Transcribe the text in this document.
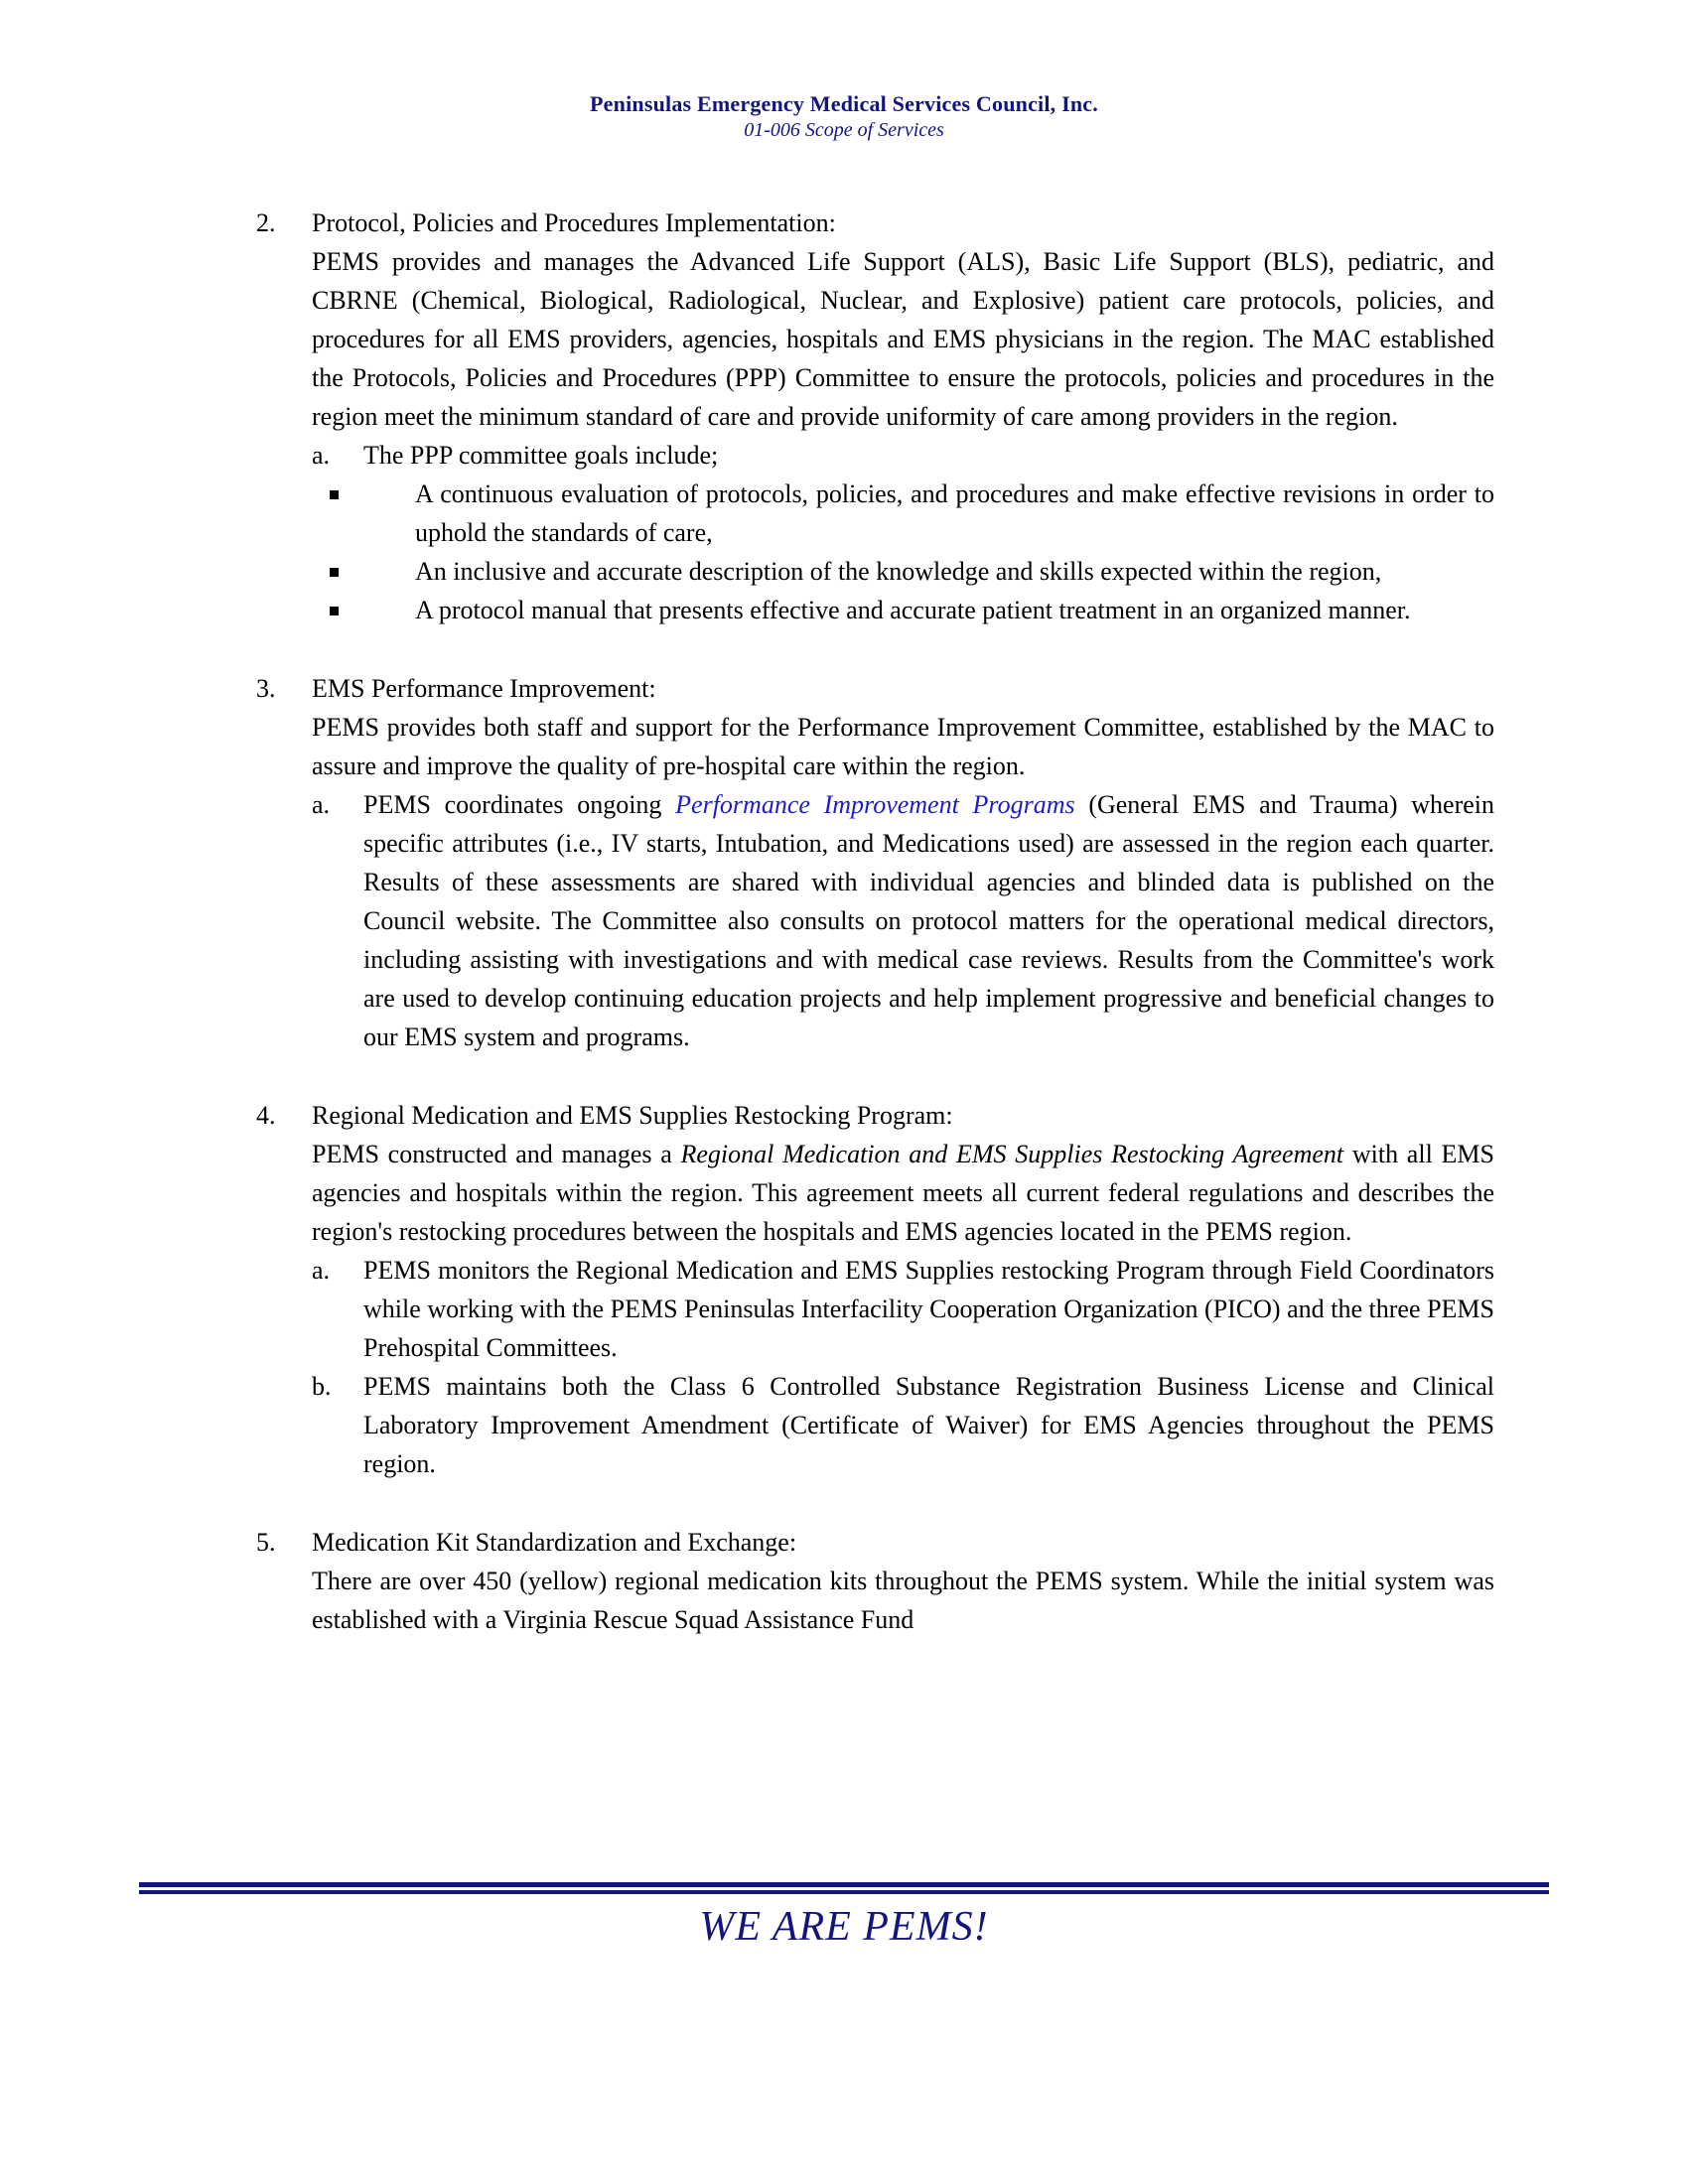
Peninsulas Emergency Medical Services Council, Inc.
01-006 Scope of Services
2.	Protocol, Policies and Procedures Implementation:
PEMS provides and manages the Advanced Life Support (ALS), Basic Life Support (BLS), pediatric, and CBRNE (Chemical, Biological, Radiological, Nuclear, and Explosive) patient care protocols, policies, and procedures for all EMS providers, agencies, hospitals and EMS physicians in the region. The MAC established the Protocols, Policies and Procedures (PPP) Committee to ensure the protocols, policies and procedures in the region meet the minimum standard of care and provide uniformity of care among providers in the region.
a.	The PPP committee goals include;
A continuous evaluation of protocols, policies, and procedures and make effective revisions in order to uphold the standards of care,
An inclusive and accurate description of the knowledge and skills expected within the region,
A protocol manual that presents effective and accurate patient treatment in an organized manner.
3.	EMS Performance Improvement:
PEMS provides both staff and support for the Performance Improvement Committee, established by the MAC to assure and improve the quality of pre-hospital care within the region.
a.	PEMS coordinates ongoing Performance Improvement Programs (General EMS and Trauma) wherein specific attributes (i.e., IV starts, Intubation, and Medications used) are assessed in the region each quarter. Results of these assessments are shared with individual agencies and blinded data is published on the Council website. The Committee also consults on protocol matters for the operational medical directors, including assisting with investigations and with medical case reviews. Results from the Committee's work are used to develop continuing education projects and help implement progressive and beneficial changes to our EMS system and programs.
4.	Regional Medication and EMS Supplies Restocking Program:
PEMS constructed and manages a Regional Medication and EMS Supplies Restocking Agreement with all EMS agencies and hospitals within the region. This agreement meets all current federal regulations and describes the region's restocking procedures between the hospitals and EMS agencies located in the PEMS region.
a.	PEMS monitors the Regional Medication and EMS Supplies restocking Program through Field Coordinators while working with the PEMS Peninsulas Interfacility Cooperation Organization (PICO) and the three PEMS Prehospital Committees.
b.	PEMS maintains both the Class 6 Controlled Substance Registration Business License and Clinical Laboratory Improvement Amendment (Certificate of Waiver) for EMS Agencies throughout the PEMS region.
5.	Medication Kit Standardization and Exchange:
There are over 450 (yellow) regional medication kits throughout the PEMS system. While the initial system was established with a Virginia Rescue Squad Assistance Fund
WE ARE PEMS!
